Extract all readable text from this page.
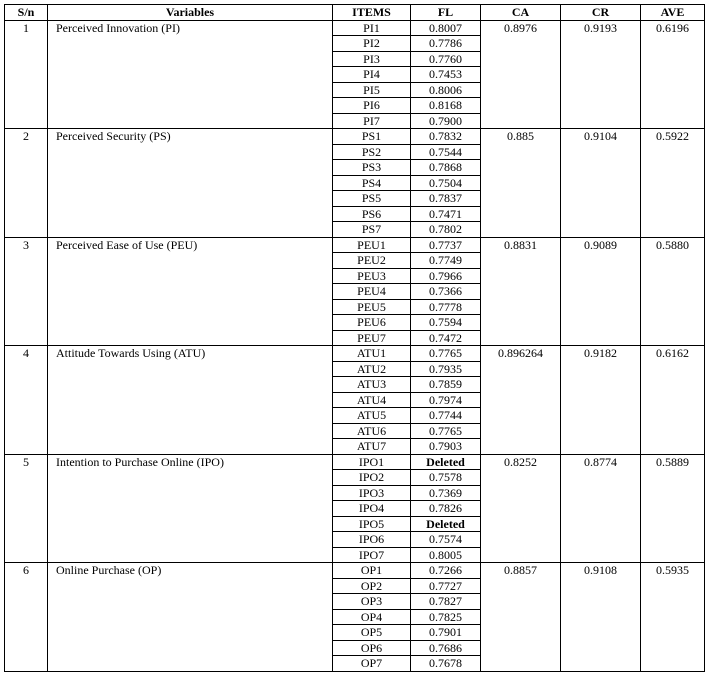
S/n	Variables	ITEMS	FL	CA	CR	AVE
1	Perceived Innovation (PI)	PI1	0.8007	0.8976	0.9193	0.6196
		PI2	0.7786			
		PI3	0.7760			
		PI4	0.7453			
		PI5	0.8006			
		PI6	0.8168			
		PI7	0.7900			
2	Perceived Security (PS)	PS1	0.7832	0.885	0.9104	0.5922
		PS2	0.7544			
		PS3	0.7868			
		PS4	0.7504			
		PS5	0.7837			
		PS6	0.7471			
		PS7	0.7802			
3	Perceived Ease of Use (PEU)	PEU1	0.7737	0.8831	0.9089	0.5880
		PEU2	0.7749			
		PEU3	0.7966			
		PEU4	0.7366			
		PEU5	0.7778			
		PEU6	0.7594			
		PEU7	0.7472			
4	Attitude Towards Using (ATU)	ATU1	0.7765	0.896264	0.9182	0.6162
		ATU2	0.7935			
		ATU3	0.7859			
		ATU4	0.7974			
		ATU5	0.7744			
		ATU6	0.7765			
		ATU7	0.7903			
5	Intention to Purchase Online (IPO)	IPO1	Deleted	0.8252	0.8774	0.5889
		IPO2	0.7578			
		IPO3	0.7369			
		IPO4	0.7826			
		IPO5	Deleted			
		IPO6	0.7574			
		IPO7	0.8005			
6	Online Purchase (OP)	OP1	0.7266	0.8857	0.9108	0.5935
		OP2	0.7727			
		OP3	0.7827			
		OP4	0.7825			
		OP5	0.7901			
		OP6	0.7686			
		OP7	0.7678			
